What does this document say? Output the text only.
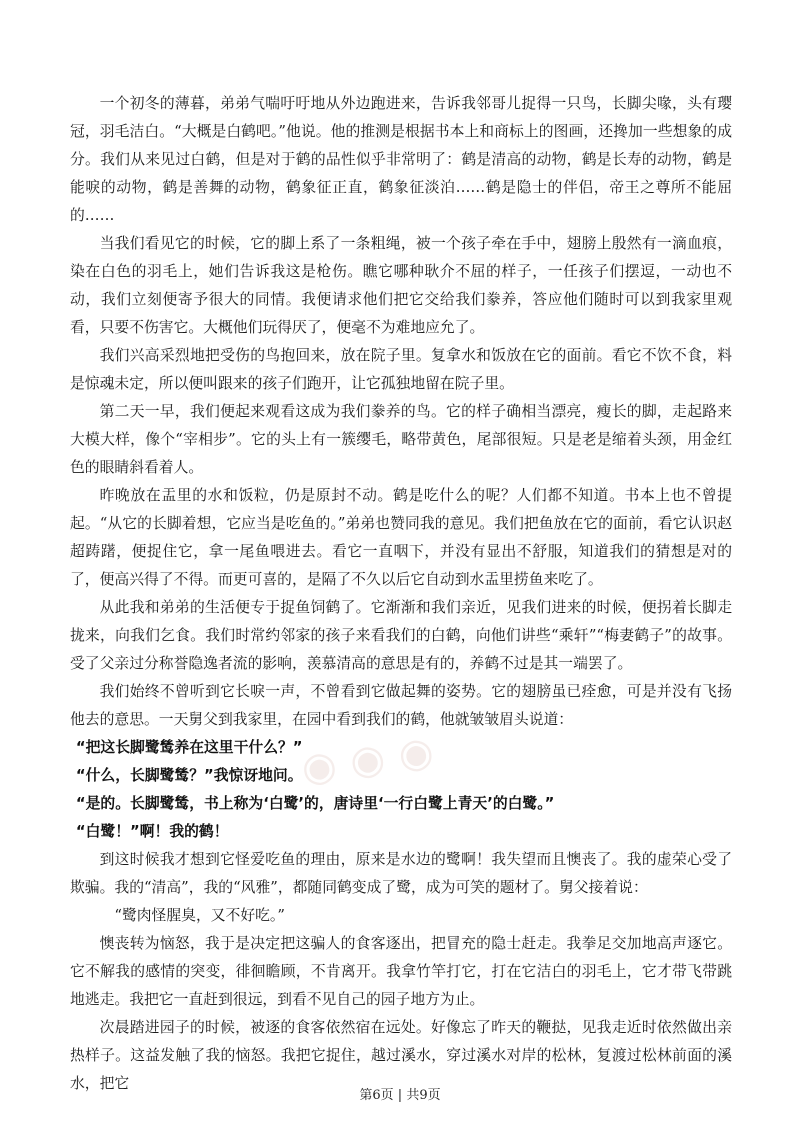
一个初冬的薄暮，弟弟气喘吁吁地从外边跑进来，告诉我邻哥儿捉得一只鸟，长脚尖喙，头有璎冠，羽毛洁白。“大概是白鹤吧。”他说。他的推测是根据书本上和商标上的图画，还搀加一些想象的成分。我们从来见过白鹤，但是对于鹤的品性似乎非常明了：鹤是清高的动物，鹤是长寿的动物，鹤是能唳的动物，鹤是善舞的动物，鹤象征正直，鹤象征淡泊……鹤是隐士的伴侣，帝王之尊所不能屈的……

当我们看见它的时候，它的脚上系了一条粗绳，被一个孩子牵在手中，翅膀上殷然有一滴血痕，染在白色的羽毛上，她们告诉我这是枪伤。瞧它哪种耿介不屈的样子，一任孩子们摆逗，一动也不动，我们立刻便寄予很大的同情。我便请求他们把它交给我们豢养，答应他们随时可以到我家里观看，只要不伤害它。大概他们玩得厌了，便毫不为难地应允了。

我们兴高采烈地把受伤的鸟抱回来，放在院子里。复拿水和饭放在它的面前。看它不饮不食，料是惊魂未定，所以便叫跟来的孩子们跑开，让它孤独地留在院子里。

第二天一早，我们便起来观看这成为我们豢养的鸟。它的样子确相当漂亮，瘦长的脚，走起路来大模大样，像个“宰相步”。它的头上有一簇缨毛，略带黄色，尾部很短。只是老是缩着头颈，用金红色的眼睛斜看着人。

昨晚放在盂里的水和饭粒，仍是原封不动。鹤是吃什么的呢？人们都不知道。书本上也不曾提起。“从它的长脚着想，它应当是吃鱼的。”弟弟也赞同我的意见。我们把鱼放在它的面前，看它认识赵超踌躇，便捉住它，拿一尾鱼喂进去。看它一直咽下，并没有显出不舒服，知道我们的猜想是对的了，便高兴得了不得。而更可喜的，是隔了不久以后它自动到水盂里捞鱼来吃了。

从此我和弟弟的生活便专于捉鱼饲鹤了。它渐渐和我们亲近，见我们进来的时候，便拐着长脚走拢来，向我们乞食。我们时常约邻家的孩子来看我们的白鹤，向他们讲些“乘轩”“梅妻鹤子”的故事。受了父亲过分称誉隐逸者流的影响，羡慕清高的意思是有的，养鹤不过是其一端罢了。

我们始终不曾听到它长唳一声，不曾看到它做起舞的姿势。它的翅膀虽已痊愈，可是并没有飞扬他去的意思。一天舅父到我家里，在园中看到我们的鹤，他就皱皱眉头说道：

“把这长脚鹭鸶养在这里干什么？”

“什么，长脚鹭鸶？”我惊讶地问。

“是的。长脚鹭鸶，书上称为‘白鹭’的，唐诗里‘一行白鹭上青天’的白鹭。”

“白鹭！”啊！我的鹤！

到这时候我才想到它怪爱吃鱼的理由，原来是水边的鹭啊！我失望而且懊丧了。我的虚荣心受了欺骗。我的“清高”，我的“风雅”，都随同鹤变成了鹭，成为可笑的题材了。舅父接着说：

“鹭肉怪腥臭，又不好吃。”

懊丧转为恼怒，我于是决定把这骗人的食客逐出，把冒充的隐士赶走。我拳足交加地高声逐它。它不解我的感情的突变，徘徊瞻顾，不肯离开。我拿竹竿打它，打在它洁白的羽毛上，它才带飞带跳地逃走。我把它一直赶到很远，到看不见自己的园子地方为止。

次晨踏进园子的时候，被逐的食客依然宿在远处。好像忘了昨天的鞭挞，见我走近时依然做出亲热样子。这益发触了我的恼怒。我把它捉住，越过溪水，穿过溪水对岸的松林，复渡过松林前面的溪水，把它

◉ ◉ ◉
第6页 | 共9页
